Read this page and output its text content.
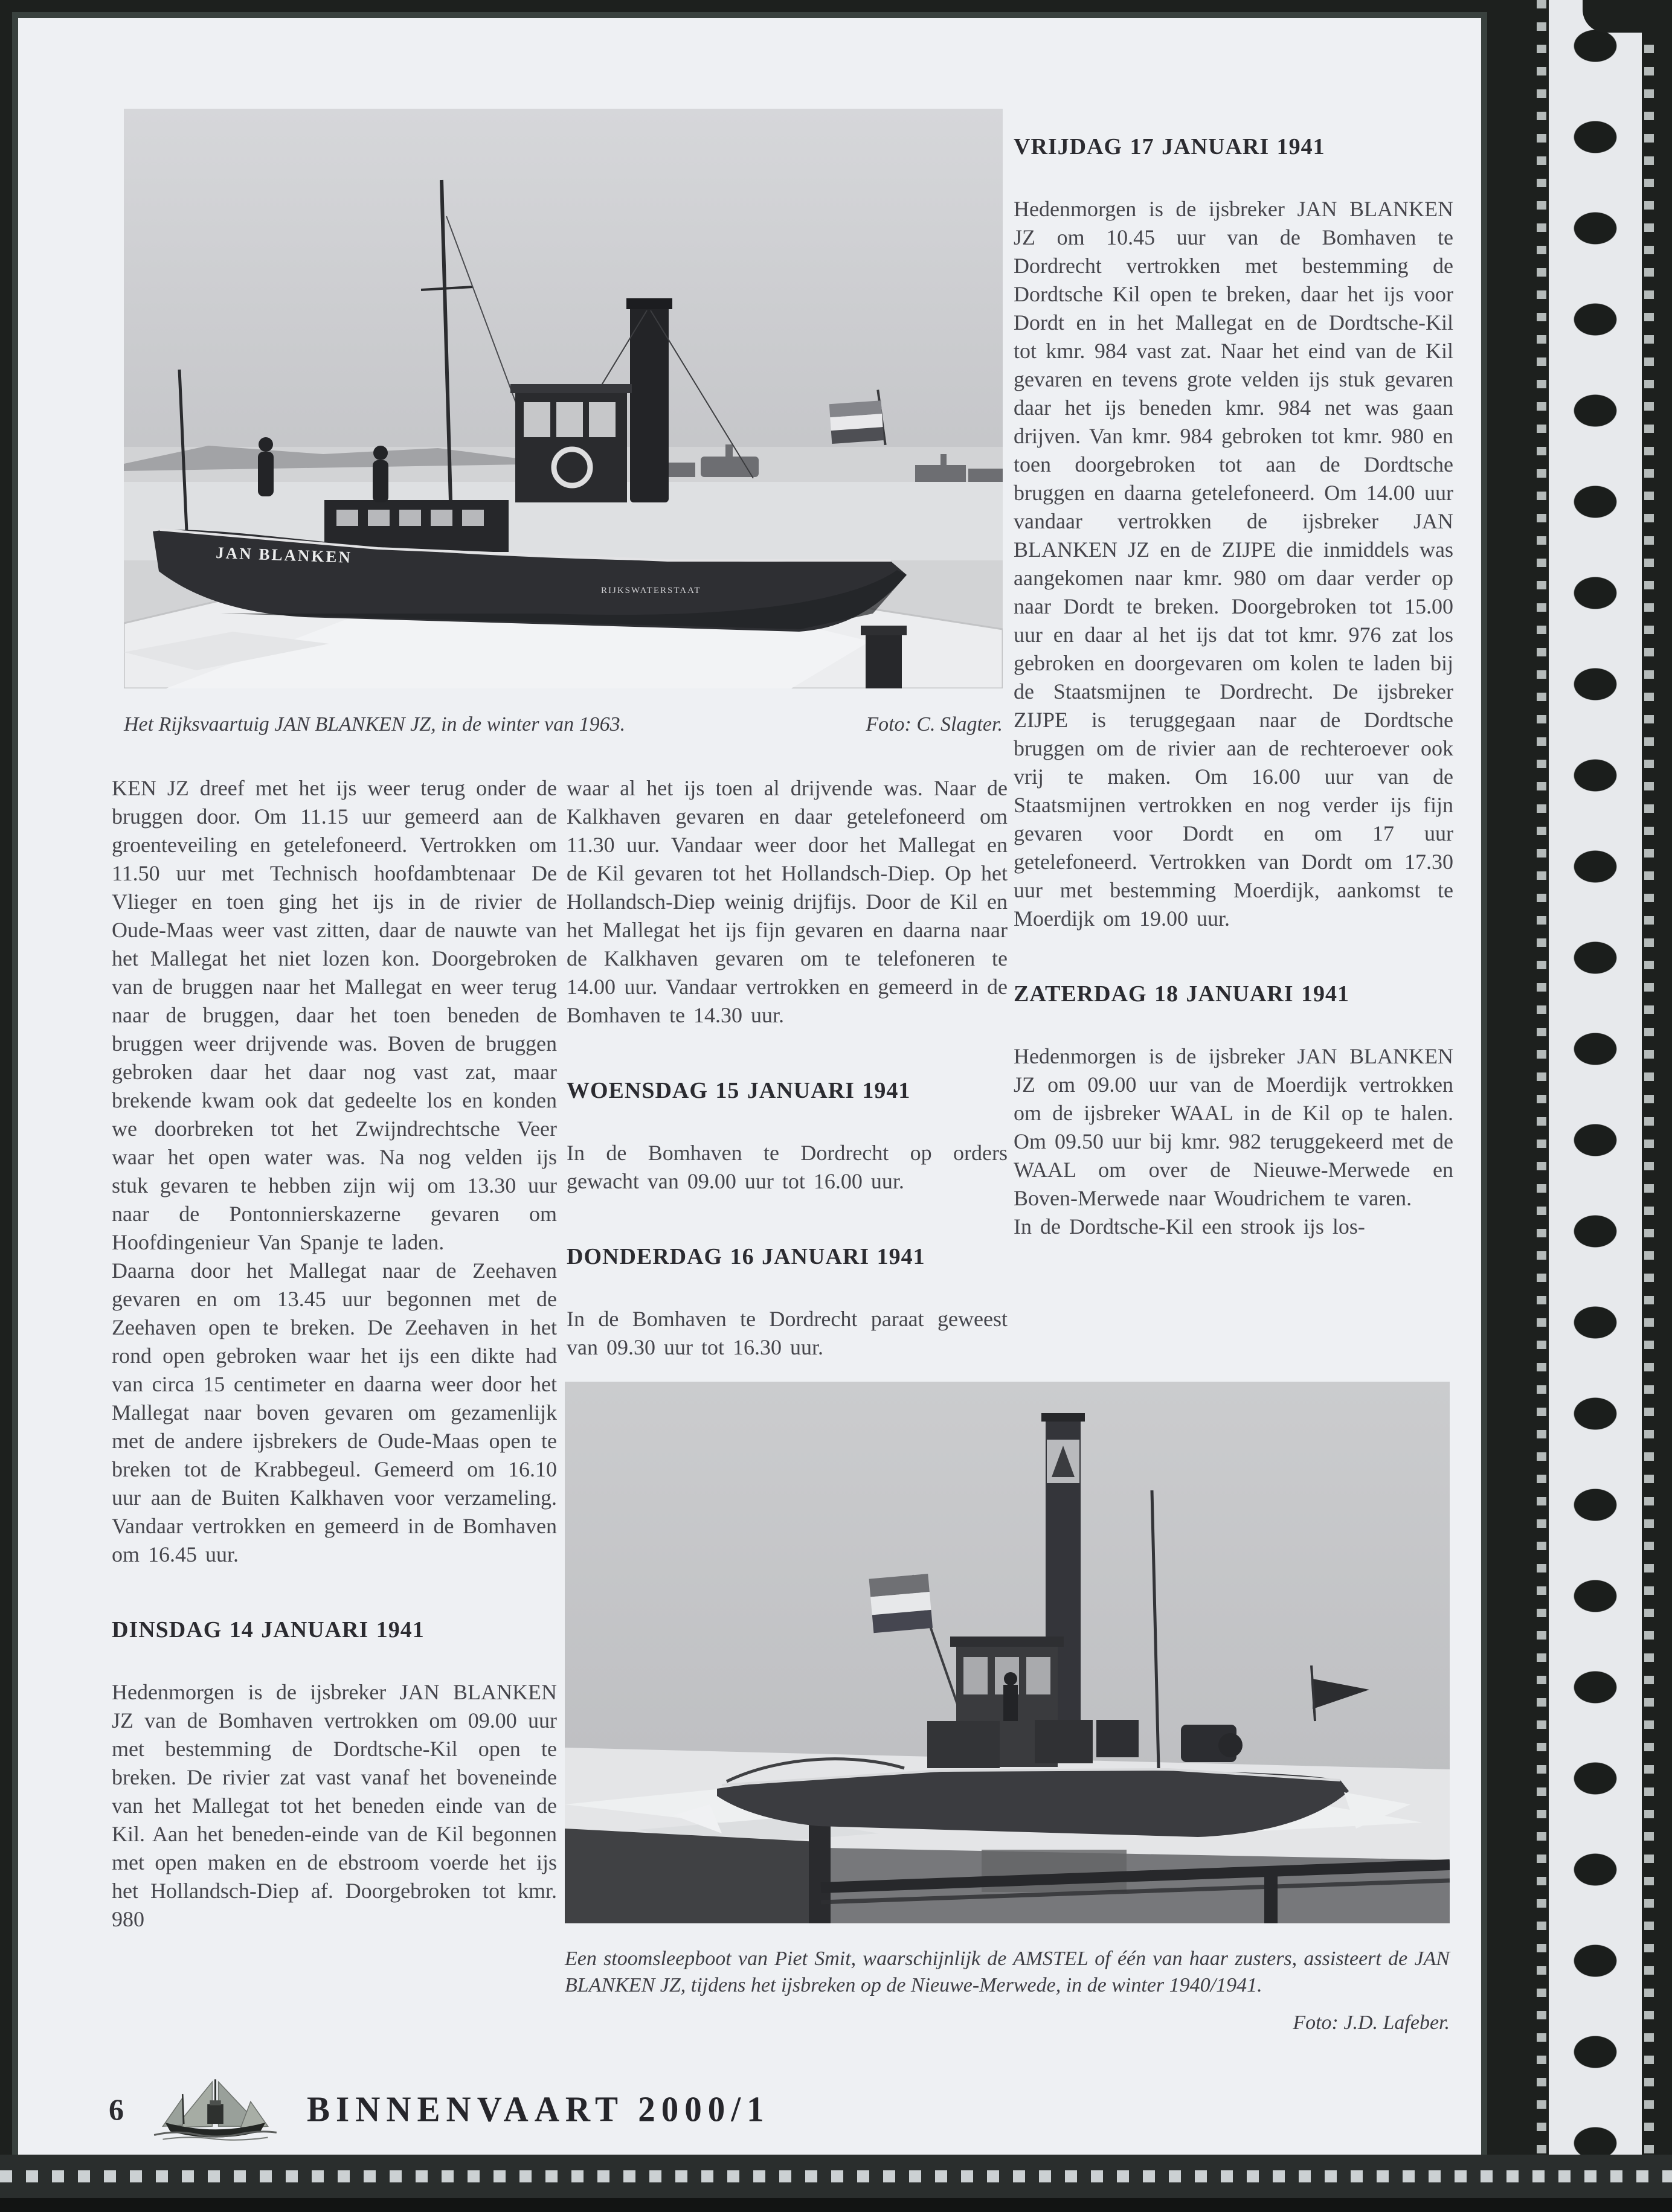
JAN BLANKEN
RIJKSWATERSTAAT
Het Rijksvaartuig JAN BLANKEN JZ, in de winter van 1963.	Foto: C. Slagter.

KEN JZ dreef met het ijs weer terug onder de bruggen door. Om 11.15 uur gemeerd aan de groenteveiling en getelefoneerd. Vertrokken om 11.50 uur met Technisch hoofdambtenaar De Vlieger en toen ging het ijs in de rivier de Oude-Maas weer vast zitten, daar de nauwte van het Mallegat het niet lozen kon. Doorgebroken van de bruggen naar het Mallegat en weer terug naar de bruggen, daar het toen beneden de bruggen weer drijvende was. Boven de bruggen gebroken daar het daar nog vast zat, maar brekende kwam ook dat gedeelte los en konden we doorbreken tot het Zwijndrechtsche Veer waar het open water was. Na nog velden ijs stuk gevaren te hebben zijn wij om 13.30 uur naar de Pontonnierskazerne gevaren om Hoofdingenieur Van Spanje te laden.

Daarna door het Mallegat naar de Zeehaven gevaren en om 13.45 uur begonnen met de Zeehaven open te breken. De Zeehaven in het rond open gebroken waar het ijs een dikte had van circa 15 centimeter en daarna weer door het Mallegat naar boven gevaren om gezamenlijk met de andere ijsbrekers de Oude-Maas open te breken tot de Krabbegeul. Gemeerd om 16.10 uur aan de Buiten Kalkhaven voor verzameling. Vandaar vertrokken en gemeerd in de Bomhaven om 16.45 uur.

DINSDAG 14 JANUARI 1941

Hedenmorgen is de ijsbreker JAN BLANKEN JZ van de Bomhaven vertrokken om 09.00 uur met bestemming de Dordtsche-Kil open te breken. De rivier zat vast vanaf het boveneinde van het Mallegat tot het beneden einde van de Kil. Aan het beneden-einde van de Kil begonnen met open maken en de ebstroom voerde het ijs het Hollandsch-Diep af. Doorgebroken tot kmr. 980

waar al het ijs toen al drijvende was. Naar de Kalkhaven gevaren en daar getelefoneerd om 11.30 uur. Vandaar weer door het Mallegat en de Kil gevaren tot het Hollandsch-Diep. Op het Hollandsch-Diep weinig drijfijs. Door de Kil en het Mallegat het ijs fijn gevaren en daarna naar de Kalkhaven gevaren om te telefoneren te 14.00 uur. Vandaar vertrokken en gemeerd in de Bomhaven te 14.30 uur.

WOENSDAG 15 JANUARI 1941

In de Bomhaven te Dordrecht op orders gewacht van 09.00 uur tot 16.00 uur.

DONDERDAG 16 JANUARI 1941

In de Bomhaven te Dordrecht paraat geweest van 09.30 uur tot 16.30 uur.

VRIJDAG 17 JANUARI 1941

Hedenmorgen is de ijsbreker JAN BLANKEN JZ om 10.45 uur van de Bomhaven te Dordrecht vertrokken met bestemming de Dordtsche Kil open te breken, daar het ijs voor Dordt en in het Mallegat en de Dordtsche-Kil tot kmr. 984 vast zat. Naar het eind van de Kil gevaren en tevens grote velden ijs stuk gevaren daar het ijs beneden kmr. 984 net was gaan drijven. Van kmr. 984 gebroken tot kmr. 980 en toen doorgebroken tot aan de Dordtsche bruggen en daarna getelefoneerd. Om 14.00 uur vandaar vertrokken de ijsbreker JAN BLANKEN JZ en de ZIJPE die inmiddels was aangekomen naar kmr. 980 om daar verder op naar Dordt te breken. Doorgebroken tot 15.00 uur en daar al het ijs dat tot kmr. 976 zat los gebroken en doorgevaren om kolen te laden bij de Staatsmijnen te Dordrecht. De ijsbreker ZIJPE is teruggegaan naar de Dordtsche bruggen om de rivier aan de rechteroever ook vrij te maken. Om 16.00 uur van de Staatsmijnen vertrokken en nog verder ijs fijn gevaren voor Dordt en om 17 uur getelefoneerd. Vertrokken van Dordt om 17.30 uur met bestemming Moerdijk, aankomst te Moerdijk om 19.00 uur.

ZATERDAG 18 JANUARI 1941

Hedenmorgen is de ijsbreker JAN BLANKEN JZ om 09.00 uur van de Moerdijk vertrokken om de ijsbreker WAAL in de Kil op te halen. Om 09.50 uur bij kmr. 982 teruggekeerd met de WAAL om over de Nieuwe-Merwede en Boven-Merwede naar Woudrichem te varen.

In de Dordtsche-Kil een strook ijs los-

Een stoomsleepboot van Piet Smit, waarschijnlijk de AMSTEL of één van haar zusters, assisteert de JAN BLANKEN JZ, tijdens het ijsbreken op de Nieuwe-Merwede, in de winter 1940/1941.
Foto: J.D. Lafeber.
6	BINNENVAART 2000/1
